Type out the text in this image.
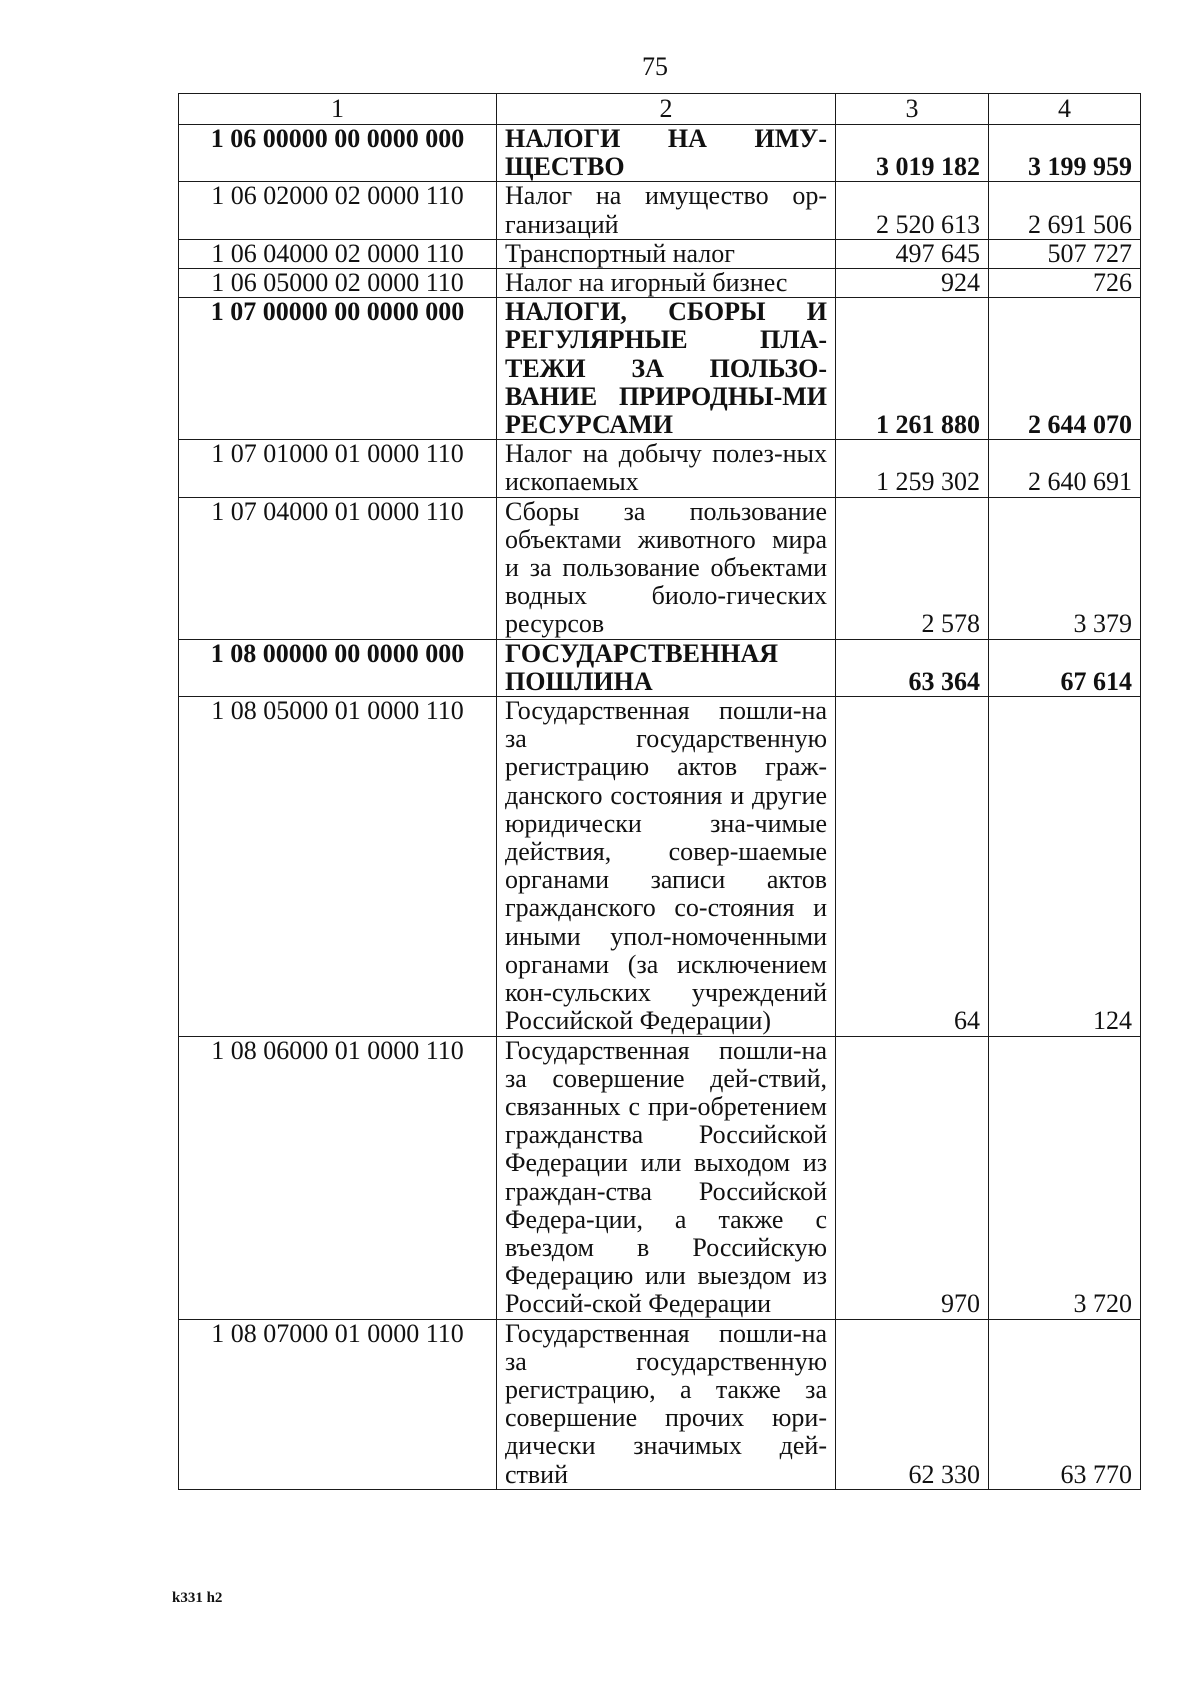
75
1	2	3	4
1 06 00000 00 0000 000	НАЛОГИ НА ИМУ-ЩЕСТВО	3 019 182	3 199 959
1 06 02000 02 0000 110	Налог на имущество ор-ганизаций	2 520 613	2 691 506
1 06 04000 02 0000 110	Транспортный налог	497 645	507 727
1 06 05000 02 0000 110	Налог на игорный бизнес	924	726
1 07 00000 00 0000 000	НАЛОГИ, СБОРЫ И РЕГУЛЯРНЫЕ ПЛА-ТЕЖИ ЗА ПОЛЬЗО-ВАНИЕ ПРИРОДНЫ-МИ РЕСУРСАМИ	1 261 880	2 644 070
1 07 01000 01 0000 110	Налог на добычу полез-ных ископаемых	1 259 302	2 640 691
1 07 04000 01 0000 110	Сборы за пользование объектами животного мира и за пользование объектами водных биоло-гических ресурсов	2 578	3 379
1 08 00000 00 0000 000	ГОСУДАРСТВЕННАЯ ПОШЛИНА	63 364	67 614
1 08 05000 01 0000 110	Государственная пошли-на за государственную регистрацию актов граж-данского состояния и другие юридически зна-чимые действия, совер-шаемые органами записи актов гражданского со-стояния и иными упол-номоченными органами (за исключением кон-сульских учреждений Российской Федерации)	64	124
1 08 06000 01 0000 110	Государственная пошли-на за совершение дей-ствий, связанных с при-обретением гражданства Российской Федерации или выходом из граждан-ства Российской Федера-ции, а также с въездом в Российскую Федерацию или выездом из Россий-ской Федерации	970	3 720
1 08 07000 01 0000 110	Государственная пошли-на за государственную регистрацию, а также за совершение прочих юри-дически значимых дей-ствий	62 330	63 770
k331 h2
